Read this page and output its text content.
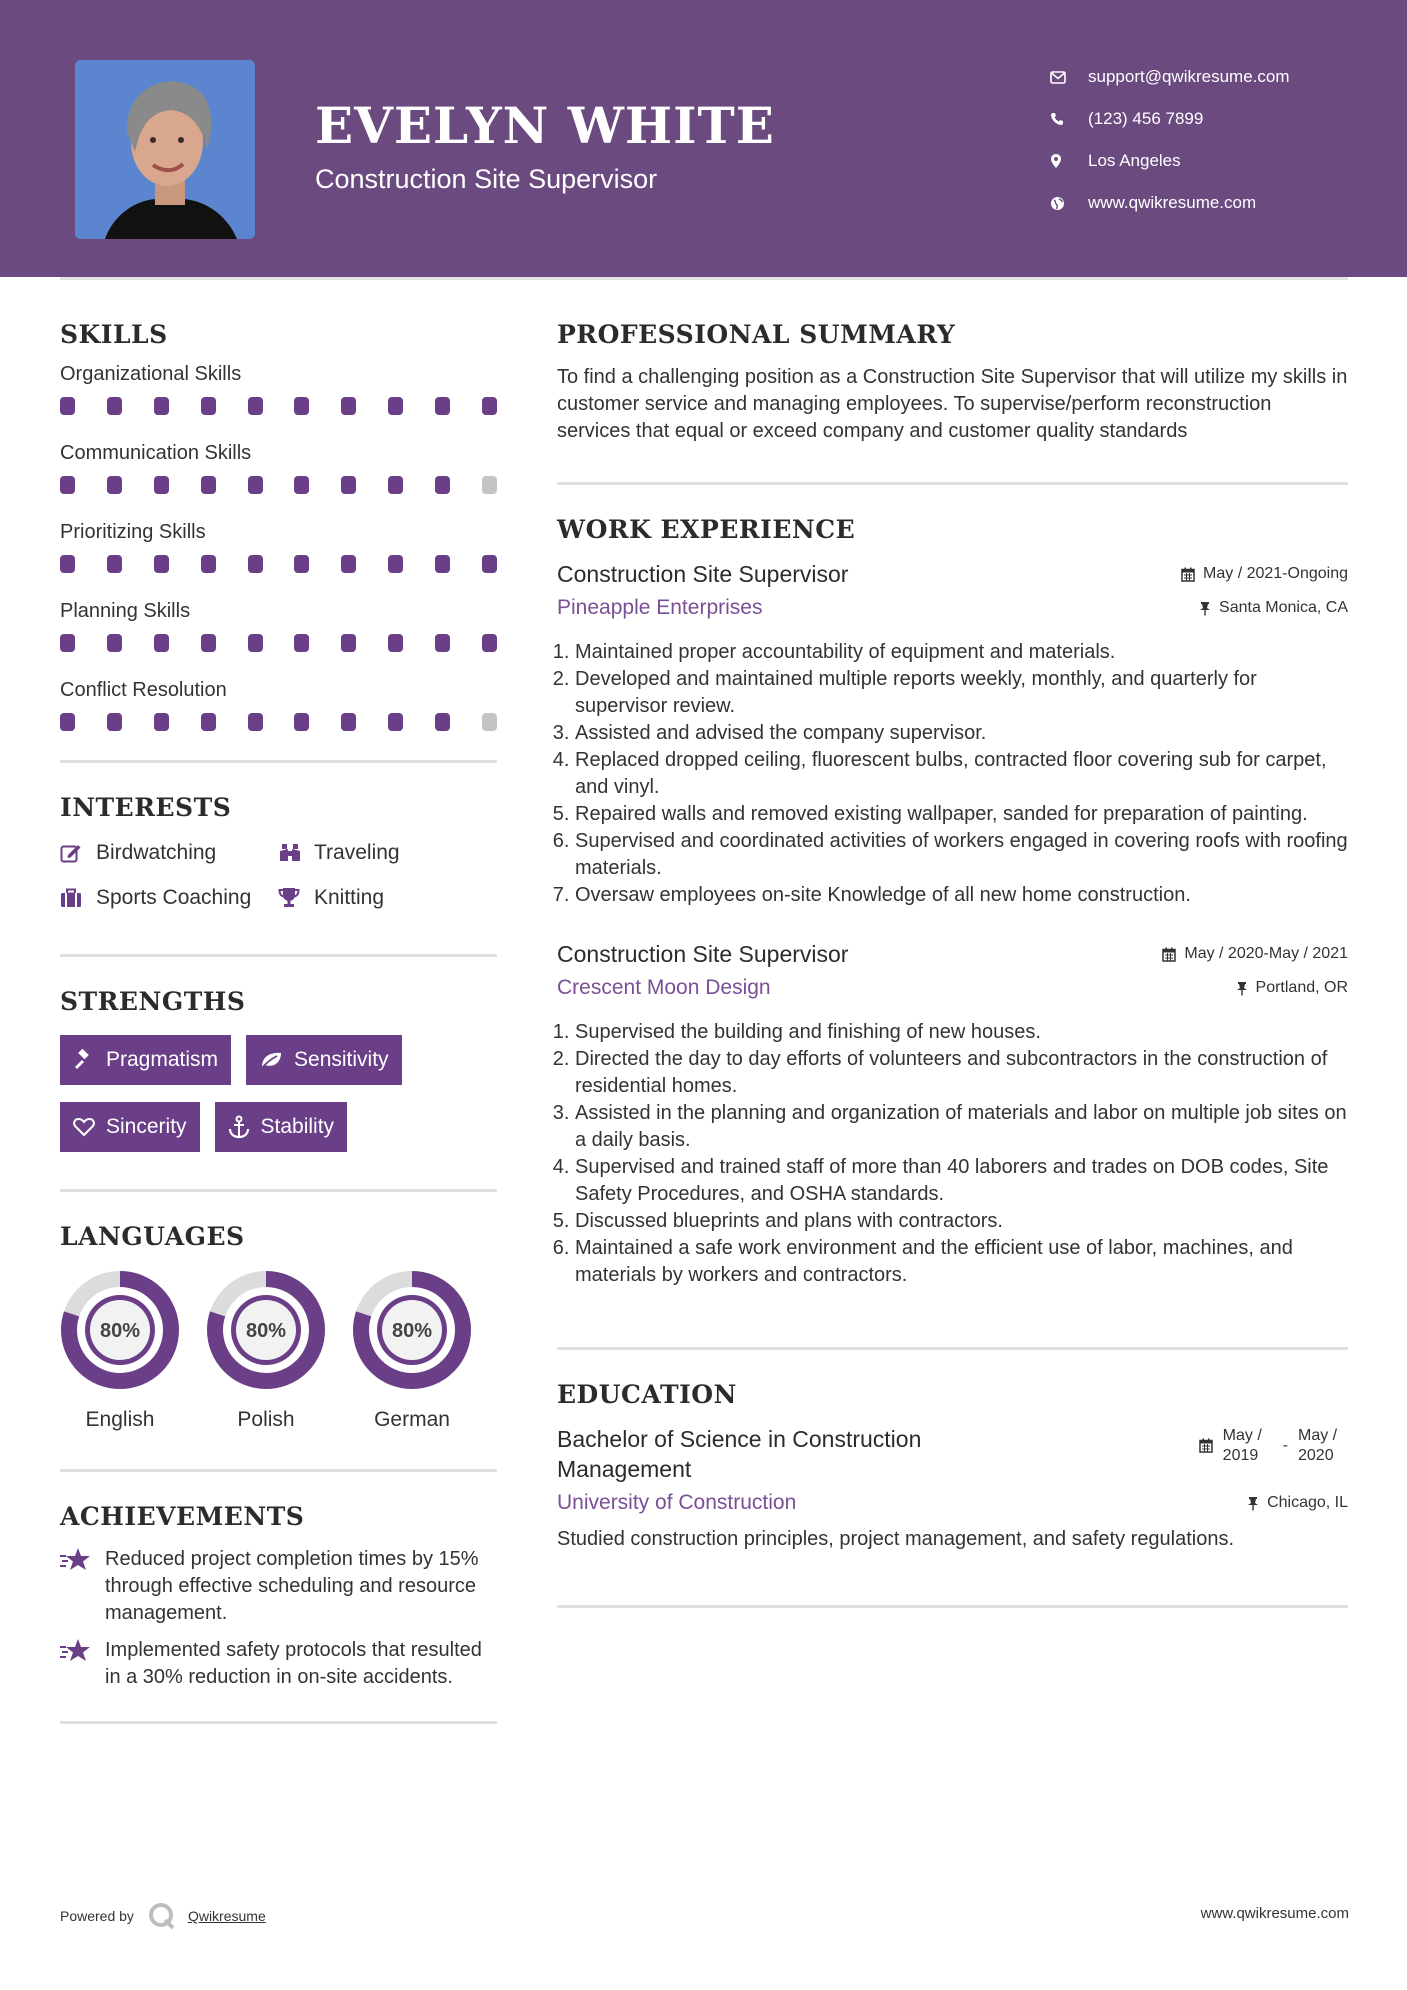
EVELYN WHITE
Construction Site Supervisor
support@qwikresume.com
(123) 456 7899
Los Angeles
www.qwikresume.com
SKILLS
Organizational Skills
Communication Skills
Prioritizing Skills
Planning Skills
Conflict Resolution
INTERESTS
Birdwatching	Traveling
Sports Coaching	Knitting
STRENGTHS
Pragmatism	Sensitivity
Sincerity	Stability
LANGUAGES
80%
English
80%
Polish
80%
German
ACHIEVEMENTS
Reduced project completion times by 15% through effective scheduling and resource management.
Implemented safety protocols that resulted in a 30% reduction in on-site accidents.
PROFESSIONAL SUMMARY
To find a challenging position as a Construction Site Supervisor that will utilize my skills in customer service and managing employees. To supervise/perform reconstruction services that equal or exceed company and customer quality standards
WORK EXPERIENCE
Construction Site Supervisor	May / 2021-Ongoing
Pineapple Enterprises	Santa Monica, CA
1. Maintained proper accountability of equipment and materials.
2. Developed and maintained multiple reports weekly, monthly, and quarterly for supervisor review.
3. Assisted and advised the company supervisor.
4. Replaced dropped ceiling, fluorescent bulbs, contracted floor covering sub for carpet, and vinyl.
5. Repaired walls and removed existing wallpaper, sanded for preparation of painting.
6. Supervised and coordinated activities of workers engaged in covering roofs with roofing materials.
7. Oversaw employees on-site Knowledge of all new home construction.
Construction Site Supervisor	May / 2020-May / 2021
Crescent Moon Design	Portland, OR
1. Supervised the building and finishing of new houses.
2. Directed the day to day efforts of volunteers and subcontractors in the construction of residential homes.
3. Assisted in the planning and organization of materials and labor on multiple job sites on a daily basis.
4. Supervised and trained staff of more than 40 laborers and trades on DOB codes, Site Safety Procedures, and OSHA standards.
5. Discussed blueprints and plans with contractors.
6. Maintained a safe work environment and the efficient use of labor, machines, and materials by workers and contractors.
EDUCATION
Bachelor of Science in Construction Management
May / 2019
-
May / 2020
University of Construction	Chicago, IL
Studied construction principles, project management, and safety regulations.
Powered by	Qwikresume	www.qwikresume.com
